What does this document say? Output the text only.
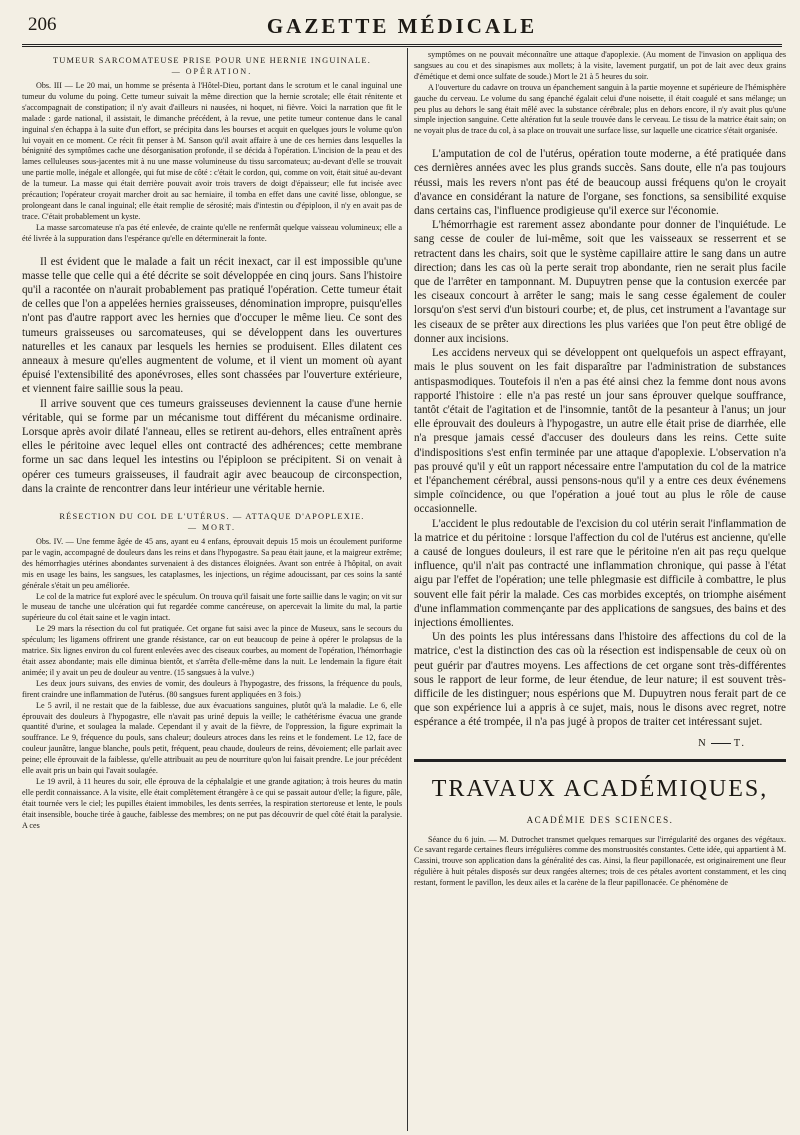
206	GAZETTE MÉDICALE
TUMEUR SARCOMATEUSE PRISE POUR UNE HERNIE INGUINALE.
— OPÉRATION.

Obs. III — Le 20 mai, un homme se présenta à l'Hôtel-Dieu, portant dans le scrotum et le canal inguinal une tumeur du volume du poing. Cette tumeur suivait la même direction que la hernie scrotale; elle était rénitente et s'accompagnait de constipation; il n'y avait d'ailleurs ni nausées, ni hoquet, ni fièvre. Voici la narration que fit le malade : garde national, il assistait, le dimanche précédent, à la revue, une petite tumeur contenue dans le canal inguinal s'en échappa à la suite d'un effort, se précipita dans les bourses et acquit en quelques jours le volume qu'on lui voyait en ce moment. Ce récit fit penser à M. Sanson qu'il avait affaire à une de ces hernies dans lesquelles la bénignité des symptômes cache une désorganisation profonde, il se décida à l'opération. L'incision de la peau et des lames celluleuses sous-jacentes mit à nu une masse volumineuse du tissu sarcomateux; au-devant d'elle se trouvait une partie molle, inégale et allongée, qui fut mise de côté : c'était le cordon, qui, comme on voit, était situé au-devant de la tumeur. La masse qui était derrière pouvait avoir trois travers de doigt d'épaisseur; elle fut incisée avec précaution; l'opérateur croyait marcher droit au sac herniaire, il tomba en effet dans une cavité lisse, oblongue, se prolongeant dans le canal inguinal; elle était remplie de sérosité; mais d'intestin ou d'épiploon, il n'y en avait pas de trace. C'était probablement un kyste.

La masse sarcomateuse n'a pas été enlevée, de crainte qu'elle ne renfermât quelque vaisseau volumineux; elle a été livrée à la suppuration dans l'espérance qu'elle en déterminerait la fonte.

Il est évident que le malade a fait un récit inexact, car il est impossible qu'une masse telle que celle qui a été décrite se soit développée en cinq jours. Sans l'histoire qu'il a racontée on n'aurait probablement pas pratiqué l'opération. Cette tumeur était de celles que l'on a appelées hernies graisseuses, dénomination impropre, puisqu'elles n'ont pas d'autre rapport avec les hernies que d'occuper le même lieu. Ce sont des tumeurs graisseuses ou sarcomateuses, qui se développent dans les ouvertures naturelles et les canaux par lesquels les hernies se produisent. Elles dilatent ces anneaux à mesure qu'elles augmentent de volume, et il vient un moment où ayant épuisé l'extensibilité des aponévroses, elles sont chassées par l'ouverture extérieure, et viennent faire saillie sous la peau.

Il arrive souvent que ces tumeurs graisseuses deviennent la cause d'une hernie véritable, qui se forme par un mécanisme tout différent du mécanisme ordinaire. Lorsque après avoir dilaté l'anneau, elles se retirent au-dehors, elles entraînent après elles le péritoine avec lequel elles ont contracté des adhérences; cette membrane forme un sac dans lequel les intestins ou l'épiploon se précipitent. Si on venait à opérer ces tumeurs graisseuses, il faudrait agir avec beaucoup de circonspection, dans la crainte de rencontrer dans leur intérieur une véritable hernie.

RÉSECTION DU COL DE L'UTÉRUS. — ATTAQUE D'APOPLEXIE.
— MORT.

Obs. IV. — Une femme âgée de 45 ans, ayant eu 4 enfans, éprouvait depuis 15 mois un écoulement puriforme par le vagin, accompagné de douleurs dans les reins et dans l'hypogastre. Sa peau était jaune, et la maigreur extrême; des hémorrhagies utérines abondantes survenaient à des distances éloignées. Avant son entrée à l'hôpital, on avait mis en usage les bains, les sangsues, les cataplasmes, les injections, un régime adoucissant, par ces soins la santé générale s'était un peu améliorée.

Le col de la matrice fut exploré avec le spéculum. On trouva qu'il faisait une forte saillie dans le vagin; on vit sur le museau de tanche une ulcération qui fut regardée comme cancéreuse, on apercevait la limite du mal, la partie supérieure du col était saine et le vagin intact.

Le 29 mars la résection du col fut pratiquée. Cet organe fut saisi avec la pince de Museux, sans le secours du spéculum; les ligamens offrirent une grande résistance, car on eut beaucoup de peine à opérer le prolapsus de la matrice. Six lignes environ du col furent enlevées avec des ciseaux courbes, au moment de l'opération, l'hémorrhagie était assez abondante; mais elle diminua bientôt, et s'arrêta d'elle-même dans la nuit. Le lendemain la figure était animée; il y avait un peu de douleur au ventre. (15 sangsues à la vulve.)

Les deux jours suivans, des envies de vomir, des douleurs à l'hypogastre, des frissons, la fréquence du pouls, firent craindre une inflammation de l'utérus. (80 sangsues furent appliquées en 3 fois.)

Le 5 avril, il ne restait que de la faiblesse, due aux évacuations sanguines, plutôt qu'à la maladie. Le 6, elle éprouvait des douleurs à l'hypogastre, elle n'avait pas uriné depuis la veille; le cathétérisme évacua une grande quantité d'urine, et soulagea la malade. Cependant il y avait de la fièvre, de l'oppression, la figure exprimait la souffrance. Le 9, fréquence du pouls, sans chaleur; douleurs atroces dans les reins et le fondement. Le 12, face de couleur jaunâtre, langue blanche, pouls petit, fréquent, peau chaude, douleurs de reins, dévoiement; elle parlait avec peine; elle éprouvait de la faiblesse, qu'elle attribuait au peu de nourriture qu'on lui faisait prendre. Le jour précédent elle avait pris un bain qui l'avait soulagée.

Le 19 avril, à 11 heures du soir, elle éprouva de la céphalalgie et une grande agitation; à trois heures du matin elle perdit connaissance. A la visite, elle était complètement étrangère à ce qui se passait autour d'elle; la figure, pâle, était tournée vers le ciel; les pupilles étaient immobiles, les dents serrées, la respiration stertoreuse et lente, le pouls était insensible, bouche tirée à gauche, faiblesse des membres; on ne put pas découvrir de quel côté était la paralysie. A ces

symptômes on ne pouvait méconnaître une attaque d'apoplexie. (Au moment de l'invasion on appliqua des sangsues au cou et des sinapismes aux mollets; à la visite, lavement purgatif, un pot de lait avec deux grains d'émétique et demi once sulfate de soude.) Mort le 21 à 5 heures du soir.

A l'ouverture du cadavre on trouva un épanchement sanguin à la partie moyenne et supérieure de l'hémisphère gauche du cerveau. Le volume du sang épanché égalait celui d'une noisette, il était coagulé et sans mélange; un peu plus au dehors le sang était mêlé avec la substance cérébrale; plus en dehors encore, il n'y avait plus qu'une simple injection sanguine. Cette altération fut la seule trouvée dans le cerveau. Le tissu de la matrice était sain; on ne voyait plus de trace du col, à sa place on trouvait une surface lisse, sur laquelle une cicatrice s'était organisée.

L'amputation de col de l'utérus, opération toute moderne, a été pratiquée dans ces dernières années avec les plus grands succès. Sans doute, elle n'a pas toujours réussi, mais les revers n'ont pas été de beaucoup aussi fréquens qu'on le croyait d'avance en considérant la nature de l'organe, ses fonctions, sa sensibilité exquise dans certains cas, l'influence prodigieuse qu'il exerce sur l'économie.

L'hémorrhagie est rarement assez abondante pour donner de l'inquiétude. Le sang cesse de couler de lui-même, soit que les vaisseaux se resserrent et se retractent dans les chairs, soit que le système capillaire attire le sang dans un autre direction; dans les cas où la perte serait trop abondante, rien ne serait plus facile que de l'arrêter en tamponnant. M. Dupuytren pense que la contusion exercée par les ciseaux concourt à arrêter le sang; mais le sang cesse également de couler lorsqu'on s'est servi d'un bistouri courbe; et, de plus, cet instrument a l'avantage sur les ciseaux de se prêter aux directions les plus variées que l'on peut être obligé de donner aux incisions.

Les accidens nerveux qui se développent ont quelquefois un aspect effrayant, mais le plus souvent on les fait disparaître par l'administration de substances antispasmodiques. Toutefois il n'en a pas été ainsi chez la femme dont nous avons rapporté l'histoire : elle n'a pas resté un jour sans éprouver quelque souffrance, tantôt c'était de l'agitation et de l'insomnie, tantôt de la pesanteur à l'anus; un jour elle éprouvait des douleurs à l'hypogastre, un autre elle était prise de diarrhée, elle n'a presque jamais cessé d'accuser des douleurs dans les reins. Cette suite d'indispositions s'est enfin terminée par une attaque d'apoplexie. L'observation n'a pas prouvé qu'il y eût un rapport nécessaire entre l'amputation du col de la matrice et l'épanchement cérébral, aussi pensons-nous qu'il y a entre ces deux événemens simple coïncidence, ou que l'opération a joué tout au plus le rôle de cause occasionnelle.

L'accident le plus redoutable de l'excision du col utérin serait l'inflammation de la matrice et du péritoine : lorsque l'affection du col de l'utérus est ancienne, qu'elle a causé de longues douleurs, il est rare que le péritoine n'en ait pas reçu quelque influence, qu'il n'ait pas contracté une inflammation chronique, qui passe à l'état aigu par l'effet de l'opération; une telle phlegmasie est difficile à combattre, le plus souvent elle fait périr la malade. Ces cas morbides exceptés, on triomphe aisément d'une inflammation commençante par des applications de sangsues, des bains et des injections émollientes.

Un des points les plus intéressans dans l'histoire des affections du col de la matrice, c'est la distinction des cas où la résection est indispensable de ceux où on peut guérir par d'autres moyens. Les affections de cet organe sont très-différentes sous le rapport de leur forme, de leur étendue, de leur nature; il est souvent très-difficile de les distinguer; nous espérions que M. Dupuytren nous ferait part de ce que son expérience lui a appris à ce sujet, mais, nous le disons avec regret, notre espérance a été trompée, il n'a pas jugé à propos de traiter cet intéressant sujet.

N T.
TRAVAUX ACADÉMIQUES,
ACADÉMIE DES SCIENCES.

Séance du 6 juin. — M. Dutrochet transmet quelques remarques sur l'irrégularité des organes des végétaux. Ce savant regarde certaines fleurs irrégulières comme des monstruosités constantes. Cette idée, qui appartient à M. Cassini, trouve son application dans la généralité des cas. Ainsi, la fleur papillonacée, est originairement une fleur régulière à huit pétales disposés sur deux rangées alternes; trois de ces pétales avortent constamment, et les cinq restant, forment le pavillon, les deux ailes et la carène de la fleur papillonacée. Ce phénomène de
